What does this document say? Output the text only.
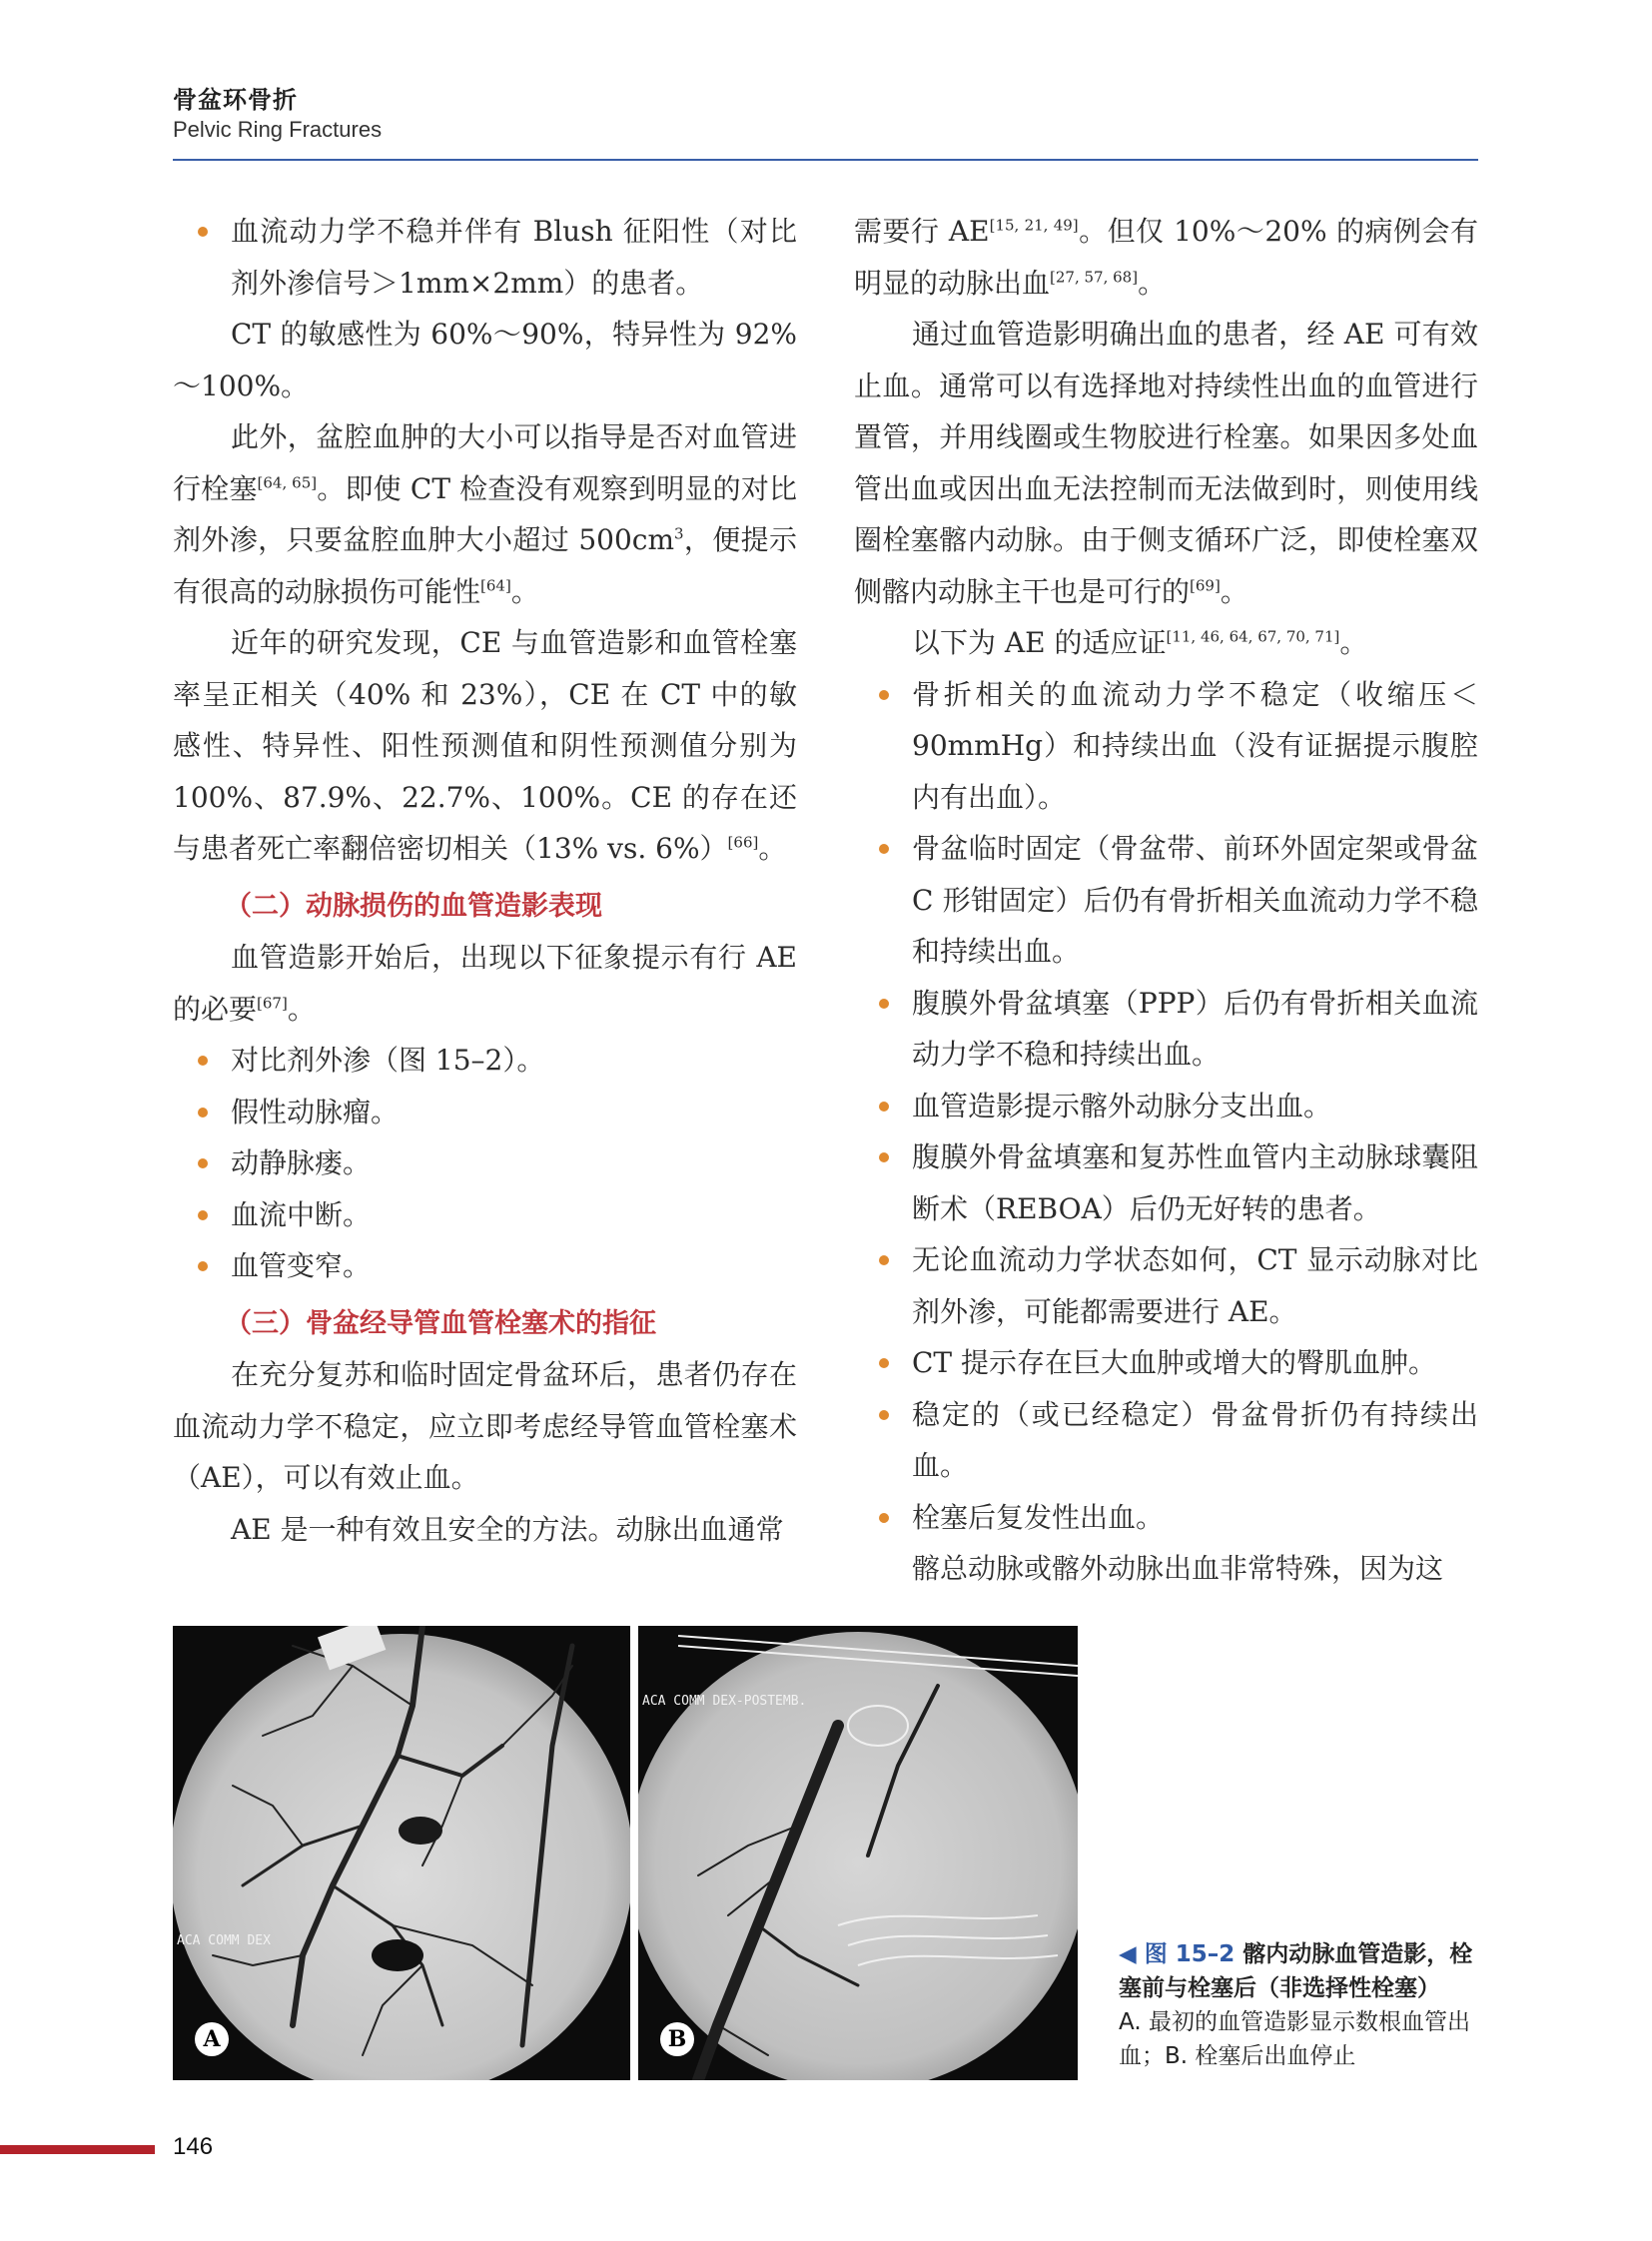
骨盆环骨折
Pelvic Ring Fractures

血流动力学不稳并伴有 Blush 征阳性（对比剂外渗信号＞1mm×2mm）的患者。

CT 的敏感性为 60%～90%，特异性为 92%～100%。

此外，盆腔血肿的大小可以指导是否对血管进行栓塞[64, 65]。即使 CT 检查没有观察到明显的对比剂外渗，只要盆腔血肿大小超过 $500cm^3$，便提示有很高的动脉损伤可能性[64]。

近年的研究发现，CE 与血管造影和血管栓塞率呈正相关（40% 和 23%），CE 在 CT 中的敏感性、特异性、阳性预测值和阴性预测值分别为 100%、87.9%、22.7%、100%。CE 的存在还与患者死亡率翻倍密切相关（13% vs. 6%）[66]。

（二）动脉损伤的血管造影表现

血管造影开始后，出现以下征象提示有行 AE 的必要[67]。

对比剂外渗（图 15–2）。

假性动脉瘤。

动静脉瘘。

血流中断。

血管变窄。

（三）骨盆经导管血管栓塞术的指征

在充分复苏和临时固定骨盆环后，患者仍存在血流动力学不稳定，应立即考虑经导管血管栓塞术（AE），可以有效止血。

AE 是一种有效且安全的方法。动脉出血通常

需要行 AE[15, 21, 49]。但仅 10%～20% 的病例会有明显的动脉出血[27, 57, 68]。

通过血管造影明确出血的患者，经 AE 可有效止血。通常可以有选择地对持续性出血的血管进行置管，并用线圈或生物胶进行栓塞。如果因多处血管出血或因出血无法控制而无法做到时，则使用线圈栓塞髂内动脉。由于侧支循环广泛，即使栓塞双侧髂内动脉主干也是可行的[69]。

以下为 AE 的适应证[11, 46, 64, 67, 70, 71]。

骨折相关的血流动力学不稳定（收缩压＜90mmHg）和持续出血（没有证据提示腹腔内有出血）。

骨盆临时固定（骨盆带、前环外固定架或骨盆 C 形钳固定）后仍有骨折相关血流动力学不稳和持续出血。

腹膜外骨盆填塞（PPP）后仍有骨折相关血流动力学不稳和持续出血。

血管造影提示髂外动脉分支出血。

腹膜外骨盆填塞和复苏性血管内主动脉球囊阻断术（REBOA）后仍无好转的患者。

无论血流动力学状态如何，CT 显示动脉对比剂外渗，可能都需要进行 AE。

CT 提示存在巨大血肿或增大的臀肌血肿。

稳定的（或已经稳定）骨盆骨折仍有持续出血。

栓塞后复发性出血。

髂总动脉或髂外动脉出血非常特殊，因为这

ACA COMM DEX
A
ACA COMM DEX-POSTEMB.
B
◀ 图 15–2 髂内动脉血管造影，栓塞前与栓塞后（非选择性栓塞）
A. 最初的血管造影显示数根血管出血；B. 栓塞后出血停止
146
